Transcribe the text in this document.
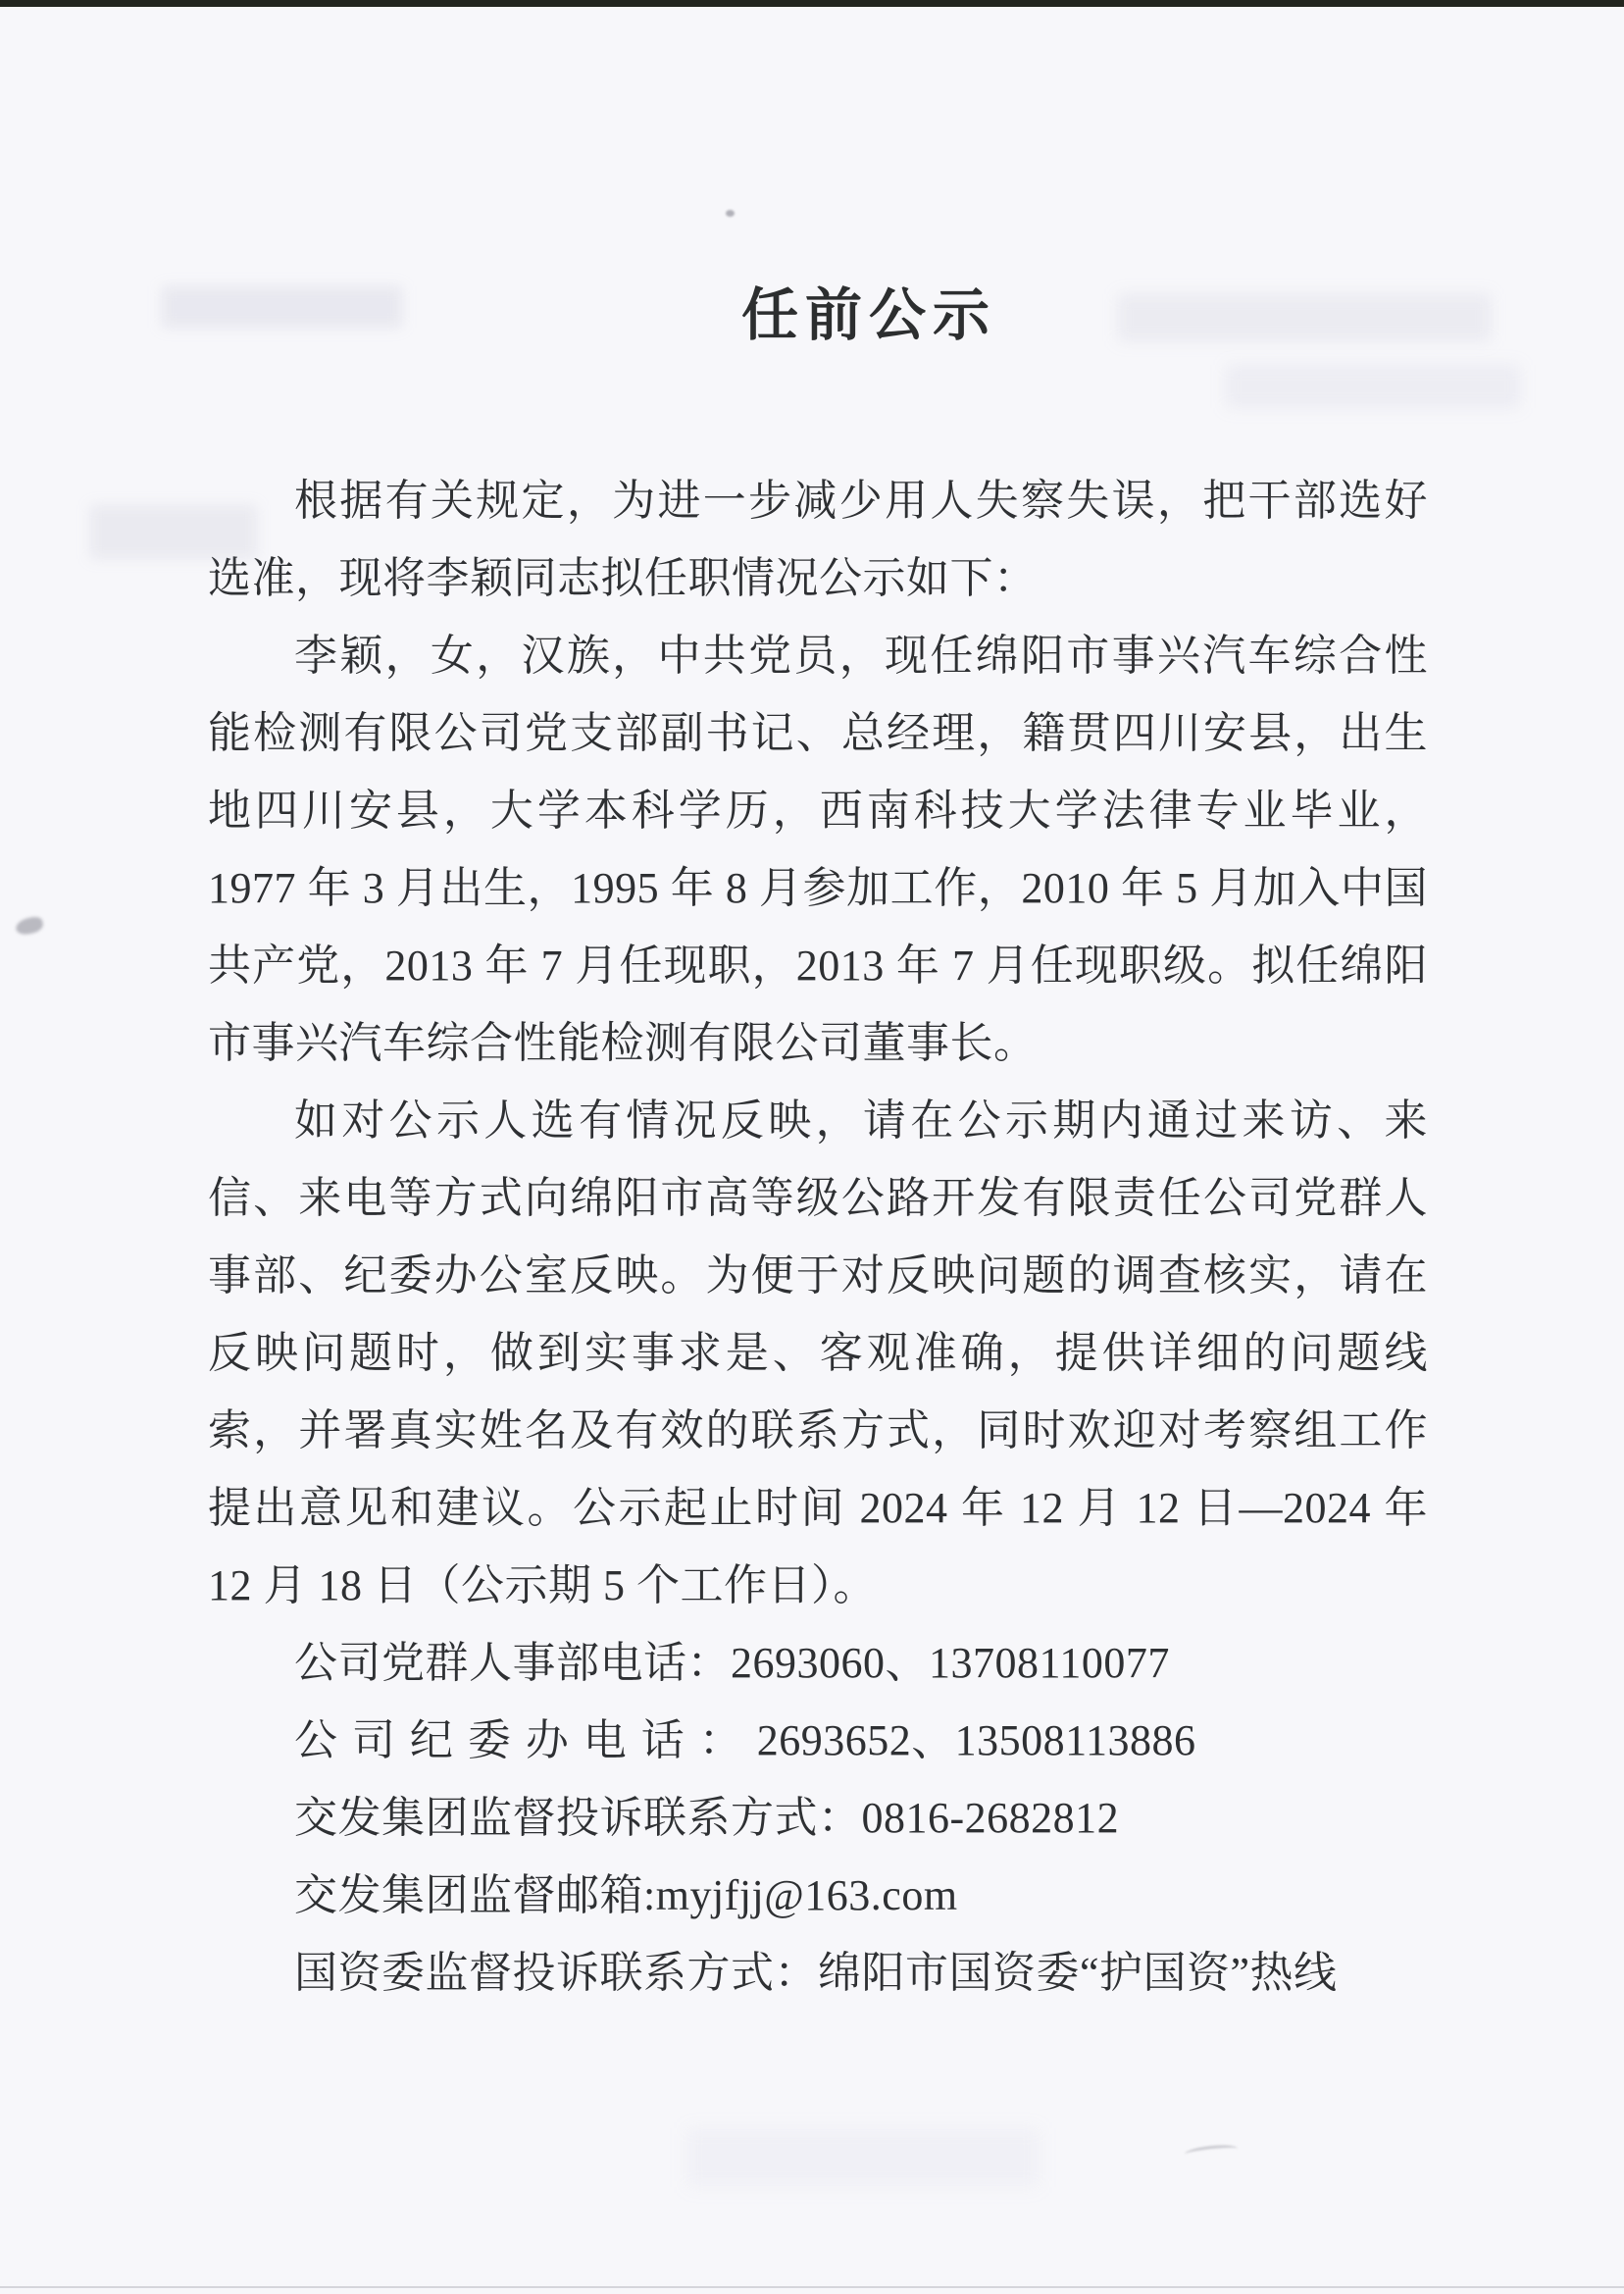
任前公示

根据有关规定，为进一步减少用人失察失误，把干部选好选准，现将李颖同志拟任职情况公示如下：

李颖，女，汉族，中共党员，现任绵阳市事兴汽车综合性能检测有限公司党支部副书记、总经理，籍贯四川安县，出生地四川安县，大学本科学历，西南科技大学法律专业毕业，1977 年 3 月出生，1995 年 8 月参加工作，2010 年 5 月加入中国共产党，2013 年 7 月任现职，2013 年 7 月任现职级。拟任绵阳市事兴汽车综合性能检测有限公司董事长。

如对公示人选有情况反映，请在公示期内通过来访、来信、来电等方式向绵阳市高等级公路开发有限责任公司党群人事部、纪委办公室反映。为便于对反映问题的调查核实，请在反映问题时，做到实事求是、客观准确，提供详细的问题线索，并署真实姓名及有效的联系方式，同时欢迎对考察组工作提出意见和建议。公示起止时间 2024 年 12 月 12 日—2024 年 12 月 18 日（公示期 5 个工作日）。

公司党群人事部电话：2693060、13708110077

公司纪委办电话：2693652、13508113886

交发集团监督投诉联系方式：0816-2682812

交发集团监督邮箱:myjfjj@163.com

国资委监督投诉联系方式：绵阳市国资委“护国资”热线
